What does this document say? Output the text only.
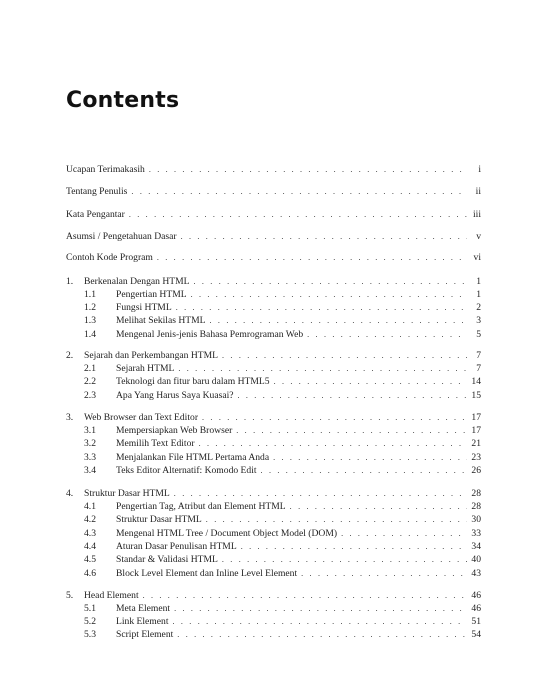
Contents
Ucapan Terimakasih . . .	i
Tentang Penulis . . .	ii
Kata Pengantar . . .	iii
Asumsi / Pengetahuan Dasar . . .	v
Contoh Kode Program . . .	vi
1.	Berkenalan Dengan HTML . . .	1
1.1	Pengertian HTML . . .	1
1.2	Fungsi HTML . . .	2
1.3	Melihat Sekilas HTML . . .	3
1.4	Mengenal Jenis-jenis Bahasa Pemrograman Web . . .	5
2.	Sejarah dan Perkembangan HTML . . .	7
2.1	Sejarah HTML . . .	7
2.2	Teknologi dan fitur baru dalam HTML5 . . .	14
2.3	Apa Yang Harus Saya Kuasai? . . .	15
3.	Web Browser dan Text Editor . . .	17
3.1	Mempersiapkan Web Browser . . .	17
3.2	Memilih Text Editor . . .	21
3.3	Menjalankan File HTML Pertama Anda . . .	23
3.4	Teks Editor Alternatif: Komodo Edit . . .	26
4.	Struktur Dasar HTML . . .	28
4.1	Pengertian Tag, Atribut dan Element HTML . . .	28
4.2	Struktur Dasar HTML . . .	30
4.3	Mengenal HTML Tree / Document Object Model (DOM) . . .	33
4.4	Aturan Dasar Penulisan HTML . . .	34
4.5	Standar & Validasi HTML . . .	40
4.6	Block Level Element dan Inline Level Element . . .	43
5.	Head Element . . .	46
5.1	Meta Element . . .	46
5.2	Link Element . . .	51
5.3	Script Element . . .	54
